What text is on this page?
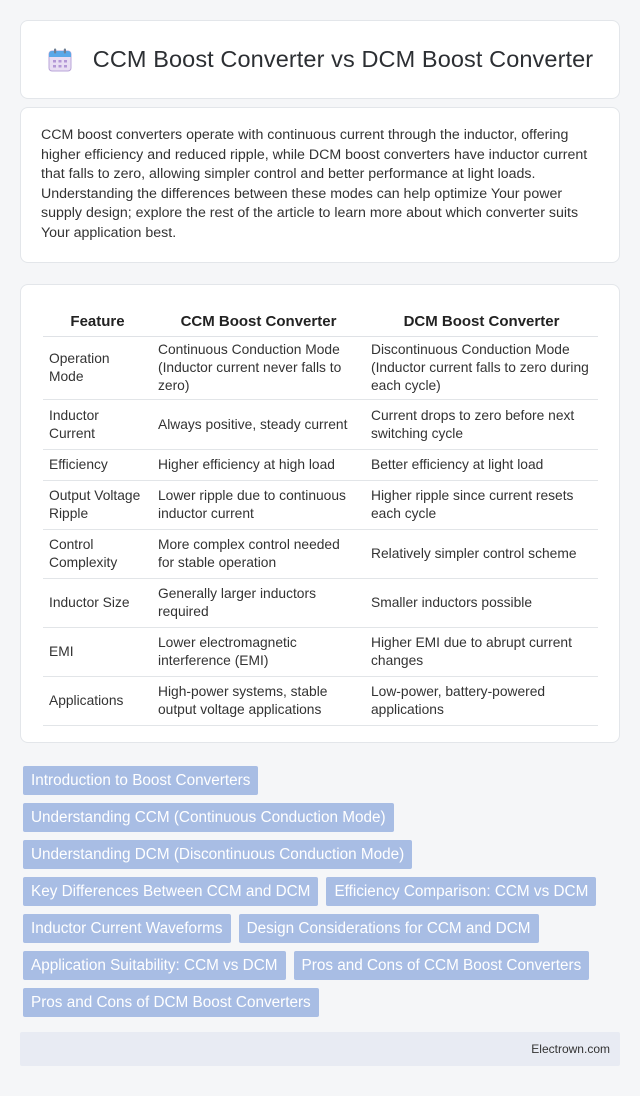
CCM Boost Converter vs DCM Boost Converter

CCM boost converters operate with continuous current through the inductor, offering higher efficiency and reduced ripple, while DCM boost converters have inductor current that falls to zero, allowing simpler control and better performance at light loads. Understanding the differences between these modes can help optimize Your power supply design; explore the rest of the article to learn more about which converter suits Your application best.

Feature	CCM Boost Converter	DCM Boost Converter
Operation Mode	Continuous Conduction Mode (Inductor current never falls to zero)	Discontinuous Conduction Mode (Inductor current falls to zero during each cycle)
Inductor Current	Always positive, steady current	Current drops to zero before next switching cycle
Efficiency	Higher efficiency at high load	Better efficiency at light load
Output Voltage Ripple	Lower ripple due to continuous inductor current	Higher ripple since current resets each cycle
Control Complexity	More complex control needed for stable operation	Relatively simpler control scheme
Inductor Size	Generally larger inductors required	Smaller inductors possible
EMI	Lower electromagnetic interference (EMI)	Higher EMI due to abrupt current changes
Applications	High-power systems, stable output voltage applications	Low-power, battery-powered applications
Introduction to Boost Converters
Understanding CCM (Continuous Conduction Mode)
Understanding DCM (Discontinuous Conduction Mode)
Key Differences Between CCM and DCM	Efficiency Comparison: CCM vs DCM
Inductor Current Waveforms	Design Considerations for CCM and DCM
Application Suitability: CCM vs DCM	Pros and Cons of CCM Boost Converters
Pros and Cons of DCM Boost Converters
Electrown.com
